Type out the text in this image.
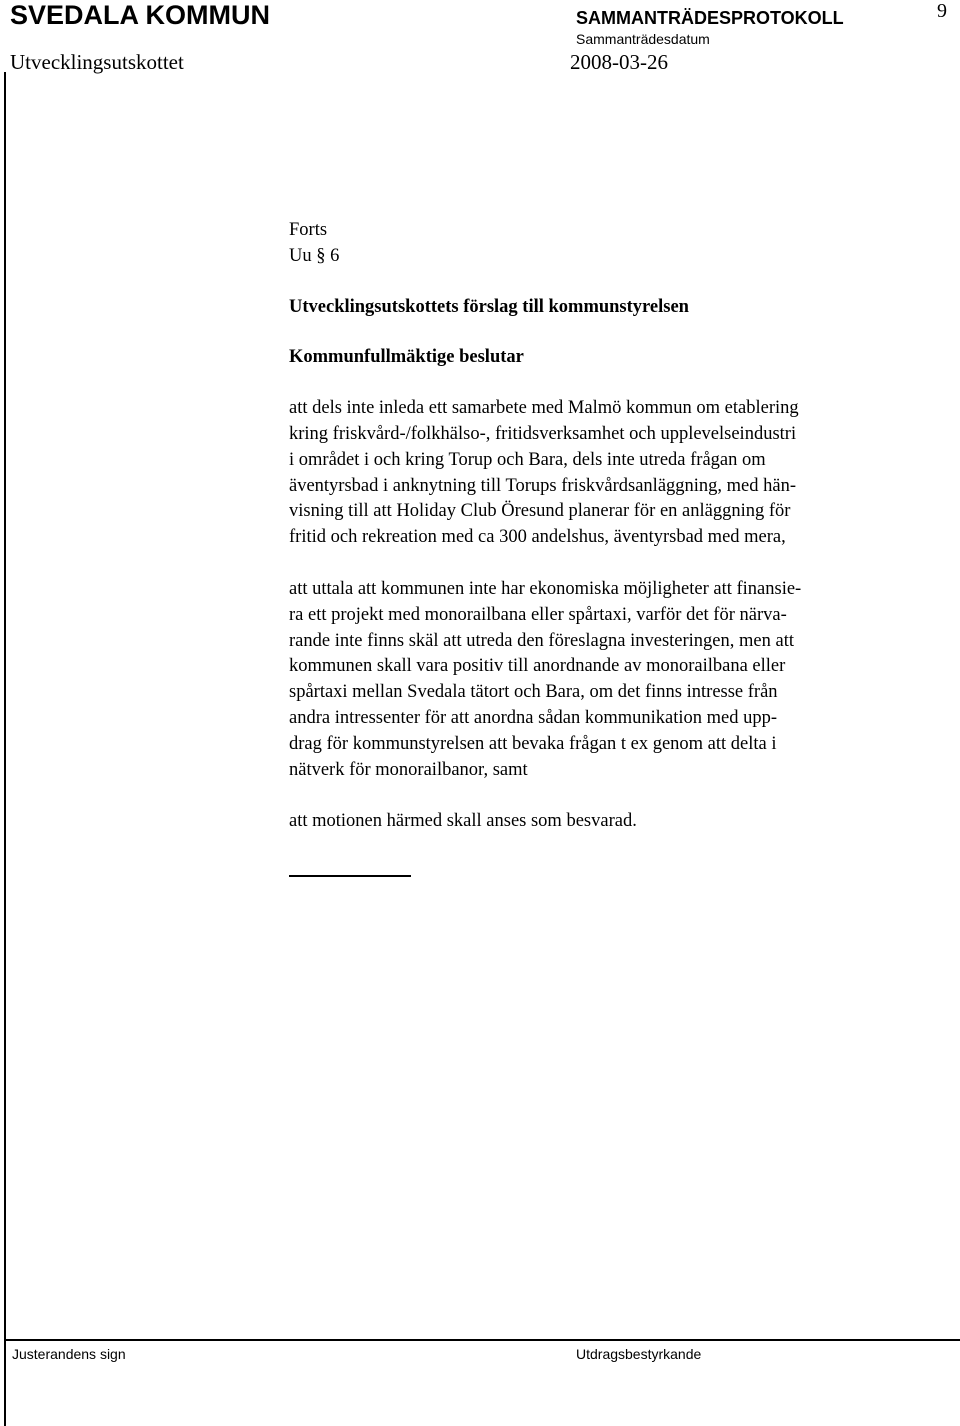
SVEDALA KOMMUN	SAMMANTRÄDESPROTOKOLL	9
Utvecklingsutskottet
Sammanträdesdatum
2008-03-26

Forts

Uu § 6

Utvecklingsutskottets förslag till kommunstyrelsen

Kommunfullmäktige beslutar

att dels inte inleda ett samarbete med Malmö kommun om etablering
kring friskvård-/folkhälso-, fritidsverksamhet och upplevelseindustri
i området i och kring Torup och Bara, dels inte utreda frågan om
äventyrsbad i anknytning till Torups friskvårdsanläggning, med hän-
visning till att Holiday Club Öresund planerar för en anläggning för
fritid och rekreation med ca 300 andelshus, äventyrsbad med mera,

att uttala att kommunen inte har ekonomiska möjligheter att finansie-
ra ett projekt med monorailbana eller spårtaxi, varför det för närva-
rande inte finns skäl att utreda den föreslagna investeringen, men att
kommunen skall vara positiv till anordnande av monorailbana eller
spårtaxi mellan Svedala tätort och Bara, om det finns intresse från
andra intressenter för att anordna sådan kommunikation med upp-
drag för kommunstyrelsen att bevaka frågan t ex genom att delta i
nätverk för monorailbanor, samt

att motionen härmed skall anses som besvarad.

Justerandens sign	Utdragsbestyrkande
